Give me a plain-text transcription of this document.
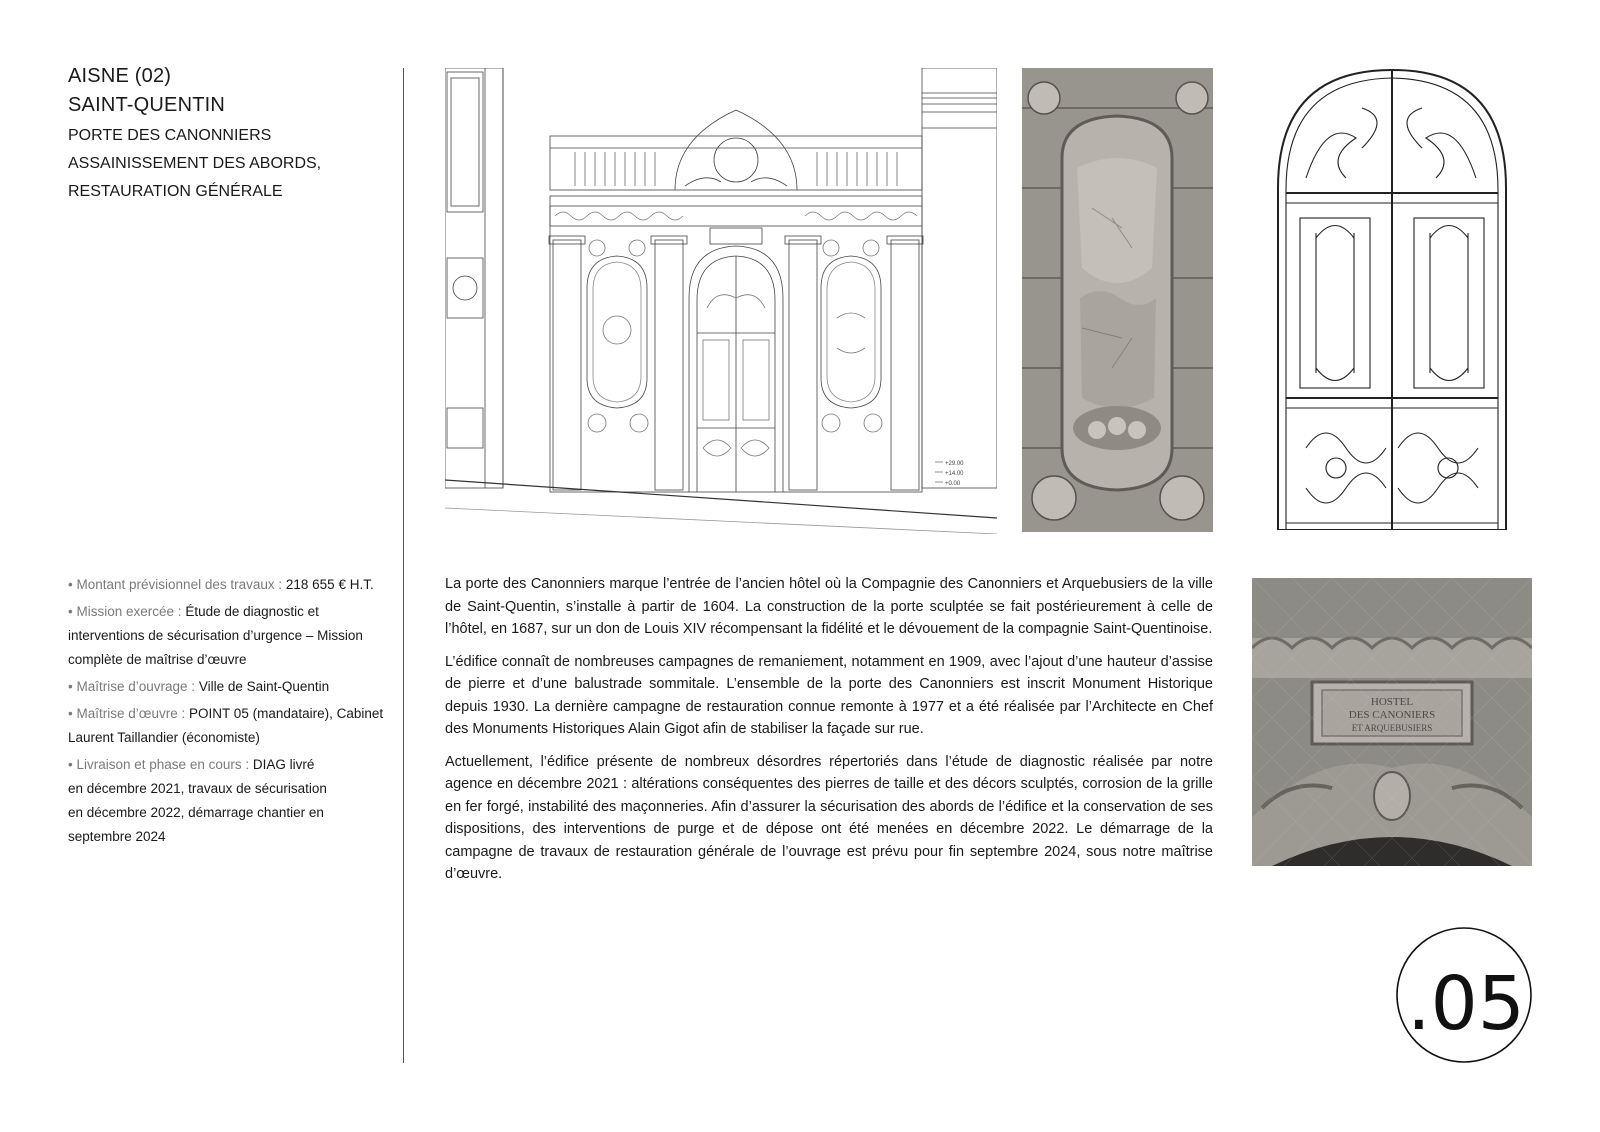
AISNE (02)
SAINT-QUENTIN
PORTE DES CANONNIERS
ASSAINISSEMENT DES ABORDS,
RESTAURATION GÉNÉRALE
+29.00
+14.00
+0.00
HOSTEL
DES CANONIERS
ET ARQUEBUSIERS
• Montant prévisionnel des travaux : 218 655 € H.T.
• Mission exercée : Étude de diagnostic et interventions de sécurisation d’urgence – Mission complète de maîtrise d’œuvre
• Maîtrise d’ouvrage : Ville de Saint-Quentin
• Maîtrise d’œuvre : POINT 05 (mandataire), Cabinet Laurent Taillandier (économiste)
• Livraison et phase en cours : DIAG livré
en décembre 2021, travaux de sécurisation
en décembre 2022, démarrage chantier en
septembre 2024

La porte des Canonniers marque l’entrée de l’ancien hôtel où la Compagnie des Canonniers et Arquebusiers de la ville de Saint-Quentin, s’installe à partir de 1604. La construction de la porte sculptée se fait postérieurement à celle de l’hôtel, en 1687, sur un don de Louis XIV récompensant la fidélité et le dévouement de la compagnie Saint-Quentinoise.

L’édifice connaît de nombreuses campagnes de remaniement, notamment en 1909, avec l’ajout d’une hauteur d’assise de pierre et d’une balustrade sommitale. L’ensemble de la porte des Canonniers est inscrit Monument Historique depuis 1930. La dernière campagne de restauration connue remonte à 1977 et a été réalisée par l’Architecte en Chef des Monuments Historiques Alain Gigot afin de stabiliser la façade sur rue.

Actuellement, l’édifice présente de nombreux désordres répertoriés dans l’étude de diagnostic réalisée par notre agence en décembre 2021 : altérations conséquentes des pierres de taille et des décors sculptés, corrosion de la grille en fer forgé, instabilité des maçonneries. Afin d’assurer la sécurisation des abords de l’édifice et la conservation de ses dispositions, des interventions de purge et de dépose ont été menées en décembre 2022. Le démarrage de la campagne de travaux de restauration générale de l’ouvrage est prévu pour fin septembre 2024, sous notre maîtrise d’œuvre.

.05
